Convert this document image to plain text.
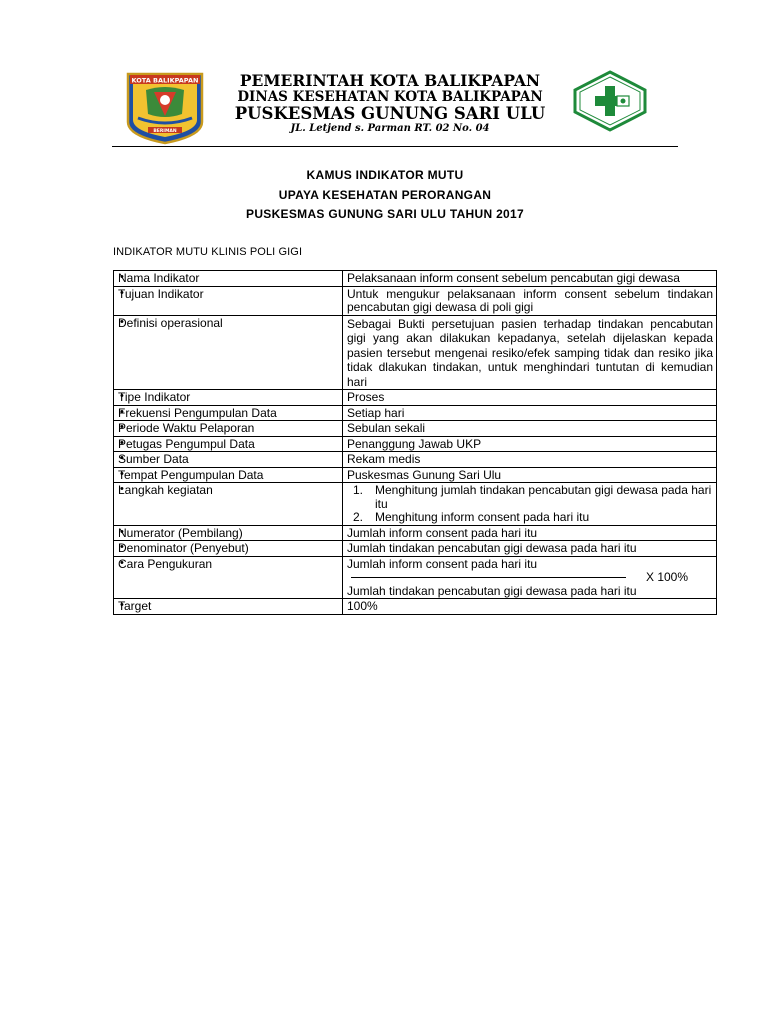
KOTA BALIKPAPAN
BERIMAN
PEMERINTAH KOTA BALIKPAPAN
DINAS KESEHATAN KOTA BALIKPAPAN
PUSKESMAS GUNUNG SARI ULU
JL. Letjend s. Parman RT. 02 No. 04
KAMUS INDIKATOR MUTU
UPAYA KESEHATAN PERORANGAN
PUSKESMAS GUNUNG SARI ULU TAHUN 2017
INDIKATOR MUTU KLINIS POLI GIGI
• Nama Indikator	Pelaksanaan inform consent sebelum pencabutan gigi dewasa
• Tujuan Indikator	Untuk mengukur pelaksanaan inform consent sebelum tindakan pencabutan gigi dewasa di poli gigi
• Definisi operasional	Sebagai Bukti persetujuan pasien terhadap tindakan pencabutan gigi yang akan dilakukan kepadanya, setelah dijelaskan kepada pasien tersebut mengenai resiko/efek samping tidak dan resiko jika tidak dlakukan tindakan, untuk menghindari tuntutan di kemudian hari
• Tipe Indikator	Proses
• Frekuensi Pengumpulan Data	Setiap hari
• Periode Waktu Pelaporan	Sebulan sekali
• Petugas Pengumpul Data	Penanggung Jawab UKP
• Sumber Data	Rekam medis
• Tempat Pengumpulan Data	Puskesmas Gunung Sari Ulu
• Langkah kegiatan	1. Menghitung jumlah tindakan pencabutan gigi dewasa pada hari itu
2. Menghitung inform consent pada hari itu

• Numerator (Pembilang)	Jumlah inform consent pada hari itu
• Denominator (Penyebut)	Jumlah tindakan pencabutan gigi dewasa pada hari itu
• Cara Pengukuran	Jumlah inform consent pada hari itu
X 100%
Jumlah tindakan pencabutan gigi dewasa pada hari itu

• Target	100%
